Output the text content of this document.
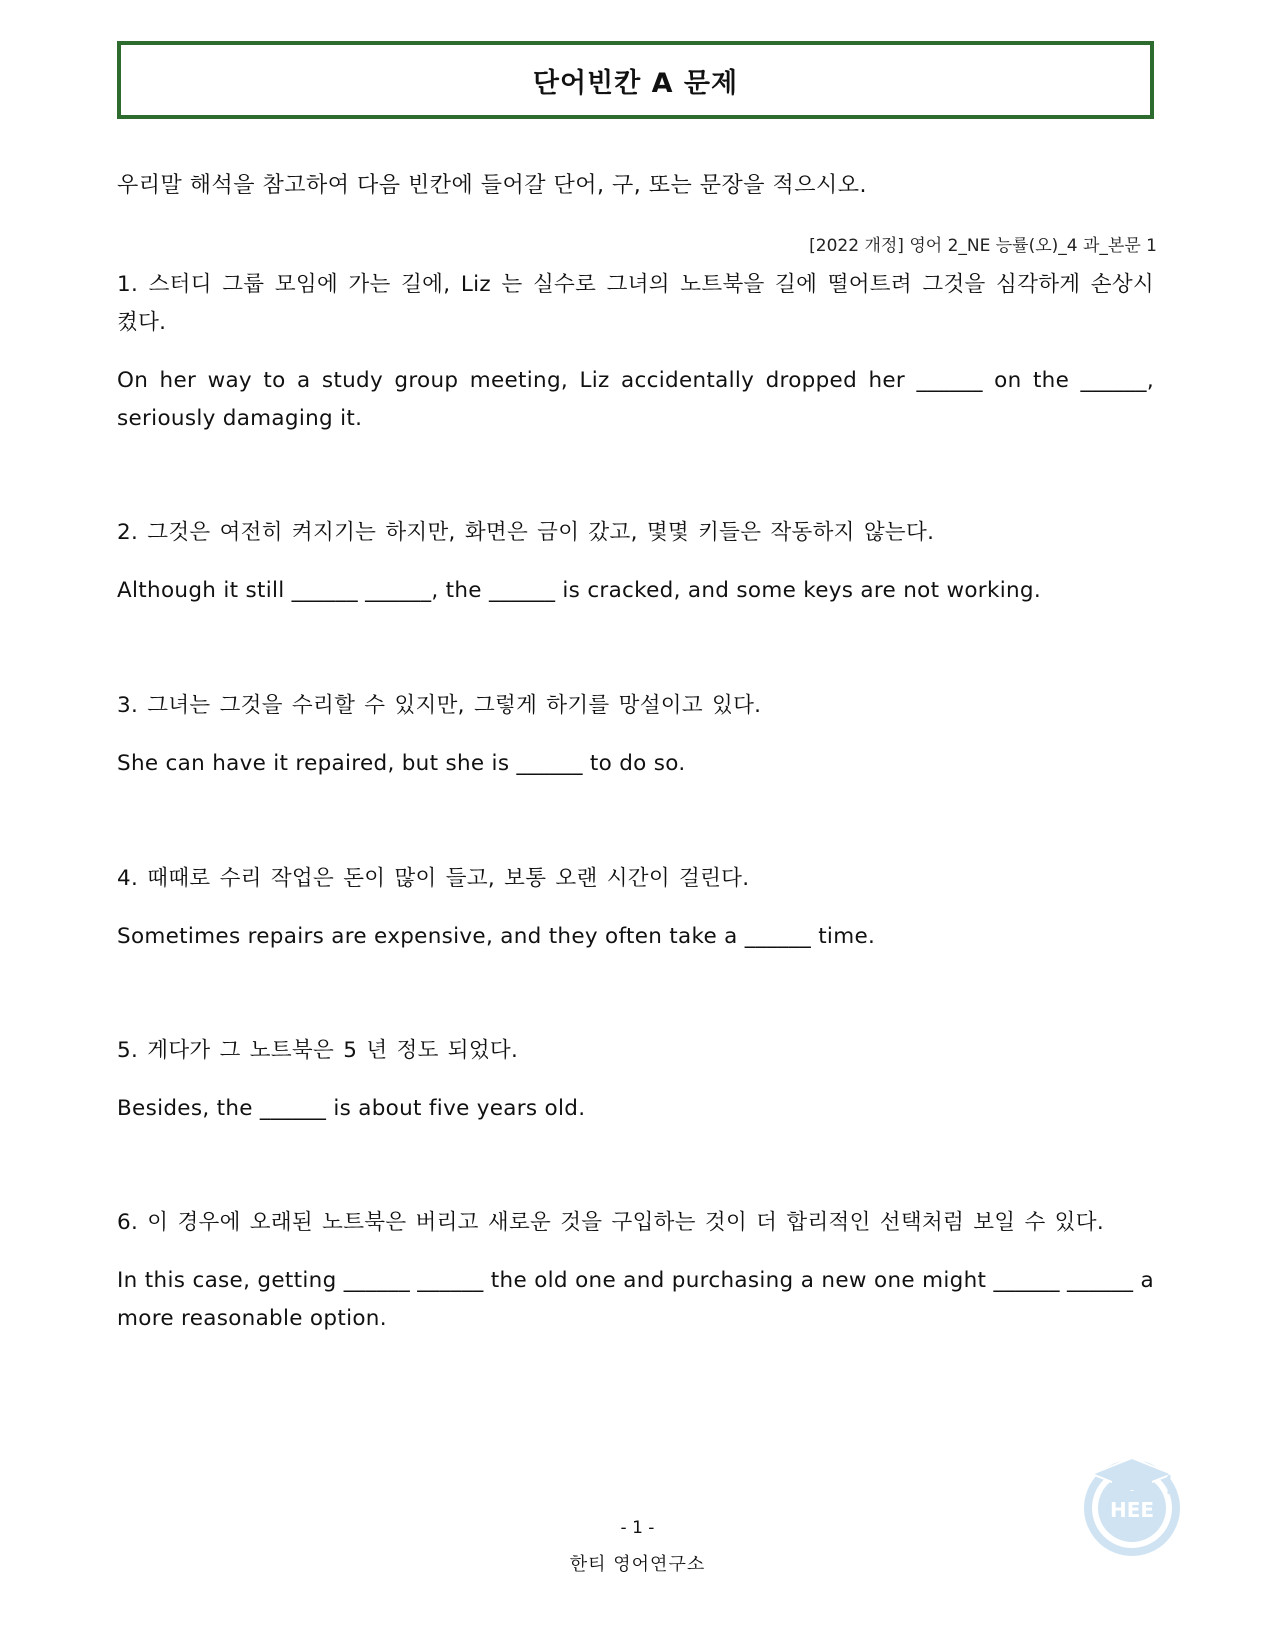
단어빈칸 A 문제
우리말 해석을 참고하여 다음 빈칸에 들어갈 단어, 구, 또는 문장을 적으시오.
[2022 개정] 영어 2_NE 능률(오)_4 과_본문 1
1. 스터디 그룹 모임에 가는 길에, Liz 는 실수로 그녀의 노트북을 길에 떨어트려 그것을 심각하게 손상시켰다.
On her way to a study group meeting, Liz accidentally dropped her ______ on the ______, seriously damaging it.
2. 그것은 여전히 켜지기는 하지만, 화면은 금이 갔고, 몇몇 키들은 작동하지 않는다.
Although it still ______ ______, the ______ is cracked, and some keys are not working.
3. 그녀는 그것을 수리할 수 있지만, 그렇게 하기를 망설이고 있다.
She can have it repaired, but she is ______ to do so.
4. 때때로 수리 작업은 돈이 많이 들고, 보통 오랜 시간이 걸린다.
Sometimes repairs are expensive, and they often take a ______ time.
5. 게다가 그 노트북은 5 년 정도 되었다.
Besides, the ______ is about five years old.
6. 이 경우에 오래된 노트북은 버리고 새로운 것을 구입하는 것이 더 합리적인 선택처럼 보일 수 있다.
In this case, getting ______ ______ the old one and purchasing a new one might ______ ______ a more reasonable option.
HEE
- 1 -
한티 영어연구소
